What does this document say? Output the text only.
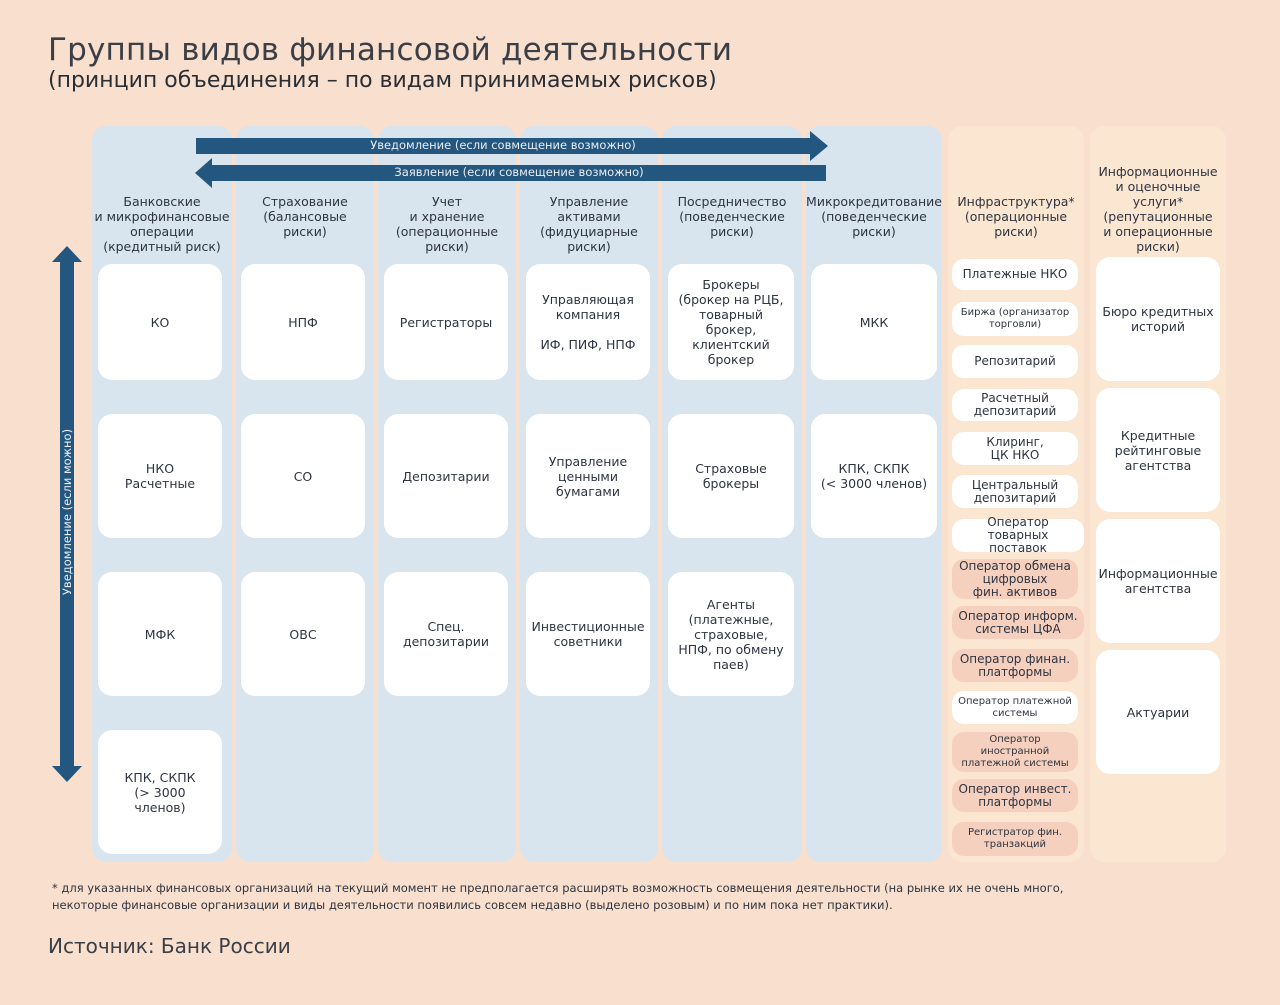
Группы видов финансовой деятельности
(принцип объединения – по видам принимаемых рисков)
Банковские
и микрофинансовые
операции
(кредитный риск)
Страхование
(балансовые
риски)
Учет
и хранение
(операционные
риски)
Управление
активами
(фидуциарные
риски)
Посредничество
(поведенческие
риски)
Микрокредитование
(поведенческие
риски)
Инфраструктура*
(операционные
риски)
Информационные
и оценочные
услуги*
(репутационные
и операционные
риски)
Уведомление (если совмещение возможно)
Заявление (если совмещение возможно)
Уведомление (если можно)
КО
НКО
Расчетные
МФК
КПК, СКПК
(> 3000
членов)
НПФ
СО
ОВС
Регистраторы
Депозитарии
Спец.
депозитарии
Управляющая
компания

ИФ, ПИФ, НПФ
Управление
ценными
бумагами
Инвестиционные
советники
Брокеры
(брокер на РЦБ,
товарный брокер,
клиентский
брокер
Страховые
брокеры
Агенты
(платежные,
страховые,
НПФ, по обмену
паев)
МКК
КПК, СКПК
(< 3000 членов)
Платежные НКО
Биржа (организатор
торговли)
Репозитарий
Расчетный
депозитарий
Клиринг,
ЦК НКО
Центральный
депозитарий
Оператор товарных
поставок
Оператор обмена
цифровых
фин. активов
Оператор информ.
системы ЦФА
Оператор финан.
платформы
Оператор платежной
системы
Оператор
иностранной
платежной системы
Оператор инвест.
платформы
Регистратор фин.
транзакций
Бюро кредитных
историй
Кредитные
рейтинговые
агентства
Информационные
агентства
Актуарии
* для указанных финансовых организаций на текущий момент не предполагается расширять возможность совмещения деятельности (на рынке их не очень много,
некоторые финансовые организации и виды деятельности появились совсем недавно (выделено розовым) и по ним пока нет практики).
Источник: Банк России
